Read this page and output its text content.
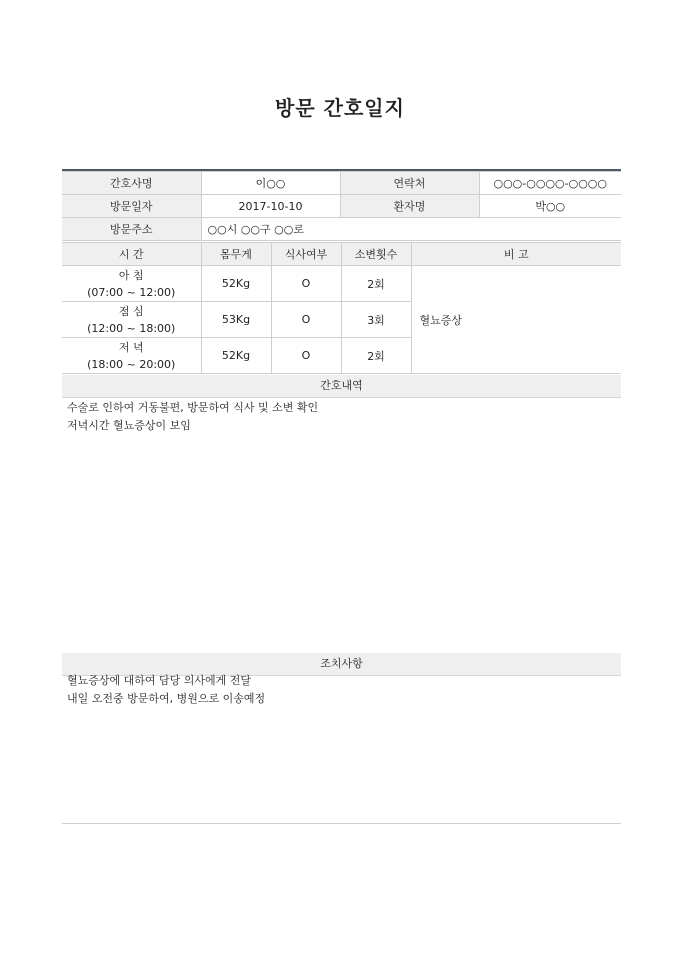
방문 간호일지
간호사명	이○○	연락처	○○○-○○○○-○○○○
방문일자	2017-10-10	환자명	박○○
방문주소	○○시 ○○구 ○○로		
시 간	몸무게	식사여부	소변횟수	비 고

아 침
(07:00 ~ 12:00)	52Kg	O	2회	혈뇨증상

점 심
(12:00 ~ 18:00)	53Kg	O	3회	

저 녁
(18:00 ~ 20:00)	52Kg	O	2회	
간호내역
수술로 인하여 거동불편, 방문하여 식사 및 소변 확인
저녁시간 혈뇨증상이 보임
조치사항
혈뇨증상에 대하여 담당 의사에게 전달
내일 오전중 방문하여, 병원으로 이송예정
